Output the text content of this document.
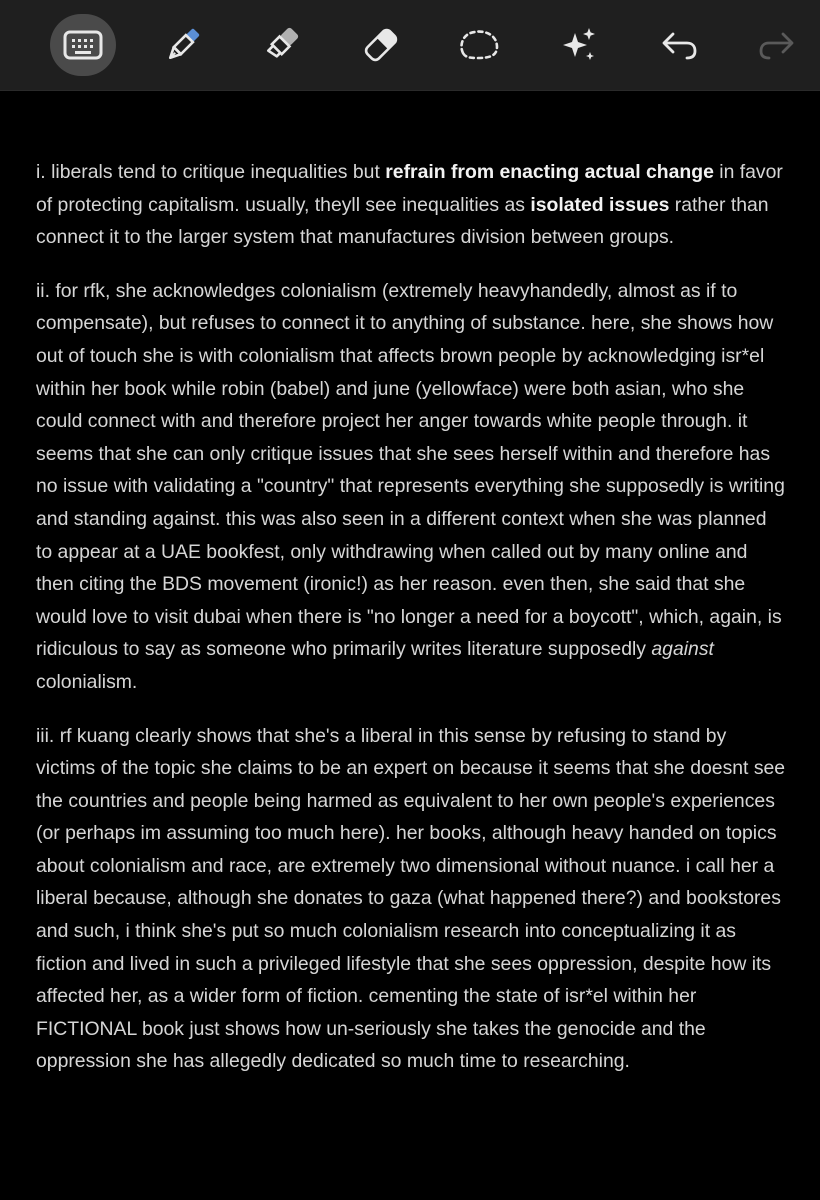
i. liberals tend to critique inequalities but refrain from enacting actual change in favor of protecting capitalism. usually, theyll see inequalities as isolated issues rather than connect it to the larger system that manufactures division between groups.

ii. for rfk, she acknowledges colonialism (extremely heavyhandedly, almost as if to compensate), but refuses to connect it to anything of substance. here, she shows how out of touch she is with colonialism that affects brown people by acknowledging isr*el within her book while robin (babel) and june (yellowface) were both asian, who she could connect with and therefore project her anger towards white people through. it seems that she can only critique issues that she sees herself within and therefore has no issue with validating a "country" that represents everything she supposedly is writing and standing against. this was also seen in a different context when she was planned to appear at a UAE bookfest, only withdrawing when called out by many online and then citing the BDS movement (ironic!) as her reason. even then, she said that she would love to visit dubai when there is "no longer a need for a boycott", which, again, is ridiculous to say as someone who primarily writes literature supposedly against colonialism.

iii. rf kuang clearly shows that she's a liberal in this sense by refusing to stand by victims of the topic she claims to be an expert on because it seems that she doesnt see the countries and people being harmed as equivalent to her own people's experiences (or perhaps im assuming too much here). her books, although heavy handed on topics about colonialism and race, are extremely two dimensional without nuance. i call her a liberal because, although she donates to gaza (what happened there?) and bookstores and such, i think she's put so much colonialism research into conceptualizing it as fiction and lived in such a privileged lifestyle that she sees oppression, despite how its affected her, as a wider form of fiction. cementing the state of isr*el within her FICTIONAL book just shows how un-seriously she takes the genocide and the oppression she has allegedly dedicated so much time to researching.
